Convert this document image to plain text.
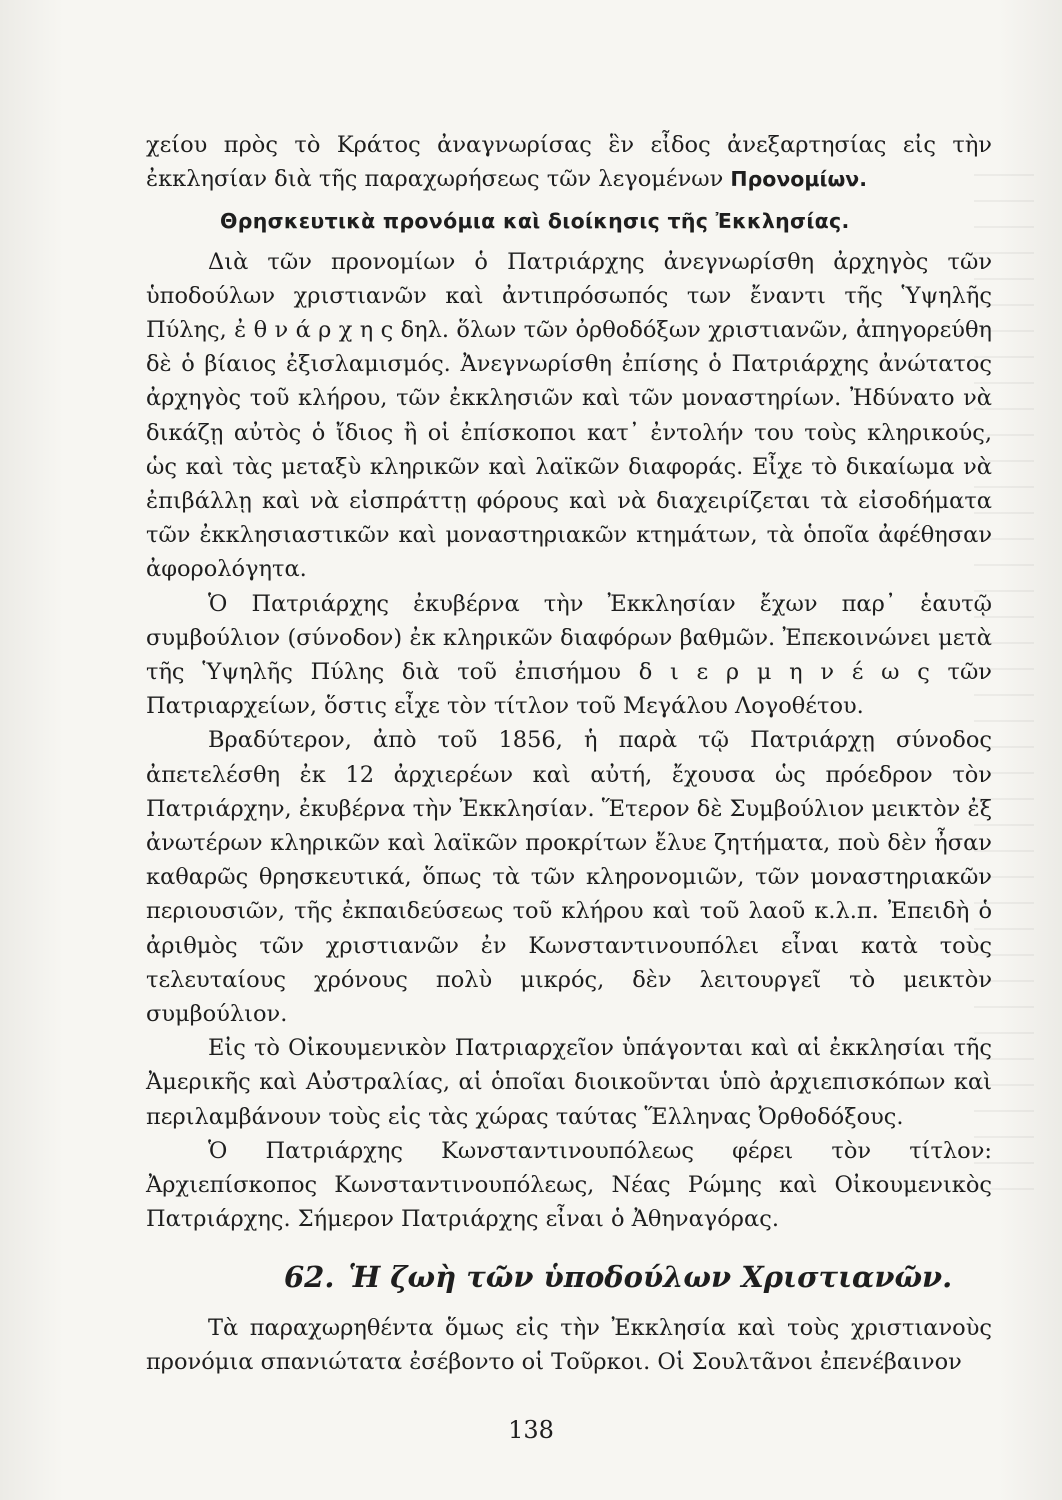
χείου πρὸς τὸ Κράτος ἀναγνωρίσας ἓν εἶδος ἀνεξαρτησίας εἰς τὴν ἐκκλησίαν διὰ τῆς παραχωρήσεως τῶν λεγομένων Προνομίων.

Θρησκευτικὰ προνόμια καὶ διοίκησις τῆς Ἐκκλησίας.

Διὰ τῶν προνομίων ὁ Πατριάρχης ἀνεγνωρίσθη ἀρχηγὸς τῶν ὑποδούλων χριστιανῶν καὶ ἀντιπρόσωπός των ἔναντι τῆς Ὑψηλῆς Πύλης, ἐ θ ν ά ρ χ η ς δηλ. ὅλων τῶν ὀρθοδόξων χριστιανῶν, ἀπηγορεύθη δὲ ὁ βίαιος ἐξισλαμισμός. Ἀνεγνωρίσθη ἐπίσης ὁ Πατριάρχης ἀνώτατος ἀρχηγὸς τοῦ κλήρου, τῶν ἐκκλησιῶν καὶ τῶν μοναστηρίων. Ἠδύνατο νὰ δικάζῃ αὐτὸς ὁ ἴδιος ἢ οἱ ἐπίσκοποι κατ᾽ ἐντολήν του τοὺς κληρικούς, ὡς καὶ τὰς μεταξὺ κληρικῶν καὶ λαϊκῶν διαφοράς. Εἶχε τὸ δικαίωμα νὰ ἐπιβάλλῃ καὶ νὰ εἰσπράττῃ φόρους καὶ νὰ διαχειρίζεται τὰ εἰσοδήματα τῶν ἐκκλησιαστικῶν καὶ μοναστηριακῶν κτημάτων, τὰ ὁποῖα ἀφέθησαν ἀφορολόγητα.

Ὁ Πατριάρχης ἐκυβέρνα τὴν Ἐκκλησίαν ἔχων παρ᾽ ἑαυτῷ συμβούλιον (σύνοδον) ἐκ κληρικῶν διαφόρων βαθμῶν. Ἐπεκοινώνει μετὰ τῆς Ὑψηλῆς Πύλης διὰ τοῦ ἐπισήμου δ ι ε ρ μ η ν έ ω ς τῶν Πατριαρχείων, ὅστις εἶχε τὸν τίτλον τοῦ Μεγάλου Λογοθέτου.

Βραδύτερον, ἀπὸ τοῦ 1856, ἡ παρὰ τῷ Πατριάρχῃ σύνοδος ἀπετελέσθη ἐκ 12 ἀρχιερέων καὶ αὐτή, ἔχουσα ὡς πρόεδρον τὸν Πατριάρχην, ἐκυβέρνα τὴν Ἐκκλησίαν. Ἕτερον δὲ Συμβούλιον μεικτὸν ἐξ ἀνωτέρων κληρικῶν καὶ λαϊκῶν προκρίτων ἔλυε ζητήματα, ποὺ δὲν ἦσαν καθαρῶς θρησκευτικά, ὅπως τὰ τῶν κληρονομιῶν, τῶν μοναστηριακῶν περιουσιῶν, τῆς ἐκπαιδεύσεως τοῦ κλήρου καὶ τοῦ λαοῦ κ.λ.π. Ἐπειδὴ ὁ ἀριθμὸς τῶν χριστιανῶν ἐν Κωνσταντινουπόλει εἶναι κατὰ τοὺς τελευταίους χρόνους πολὺ μικρός, δὲν λειτουργεῖ τὸ μεικτὸν συμβούλιον.

Εἰς τὸ Οἰκουμενικὸν Πατριαρχεῖον ὑπάγονται καὶ αἱ ἐκκλησίαι τῆς Ἀμερικῆς καὶ Αὐστραλίας, αἱ ὁποῖαι διοικοῦνται ὑπὸ ἀρχιεπισκόπων καὶ περιλαμβάνουν τοὺς εἰς τὰς χώρας ταύτας Ἕλληνας Ὀρθοδόξους.

Ὁ Πατριάρχης Κωνσταντινουπόλεως φέρει τὸν τίτλον: Ἀρχιεπίσκοπος Κωνσταντινουπόλεως, Νέας Ρώμης καὶ Οἰκουμενικὸς Πατριάρχης. Σήμερον Πατριάρχης εἶναι ὁ Ἀθηναγόρας.

62. Ἡ ζωὴ τῶν ὑποδούλων Χριστιανῶν.

Τὰ παραχωρηθέντα ὅμως εἰς τὴν Ἐκκλησία καὶ τοὺς χριστιανοὺς προνόμια σπανιώτατα ἐσέβοντο οἱ Τοῦρκοι. Οἱ Σουλτᾶνοι ἐπενέβαινον

138
